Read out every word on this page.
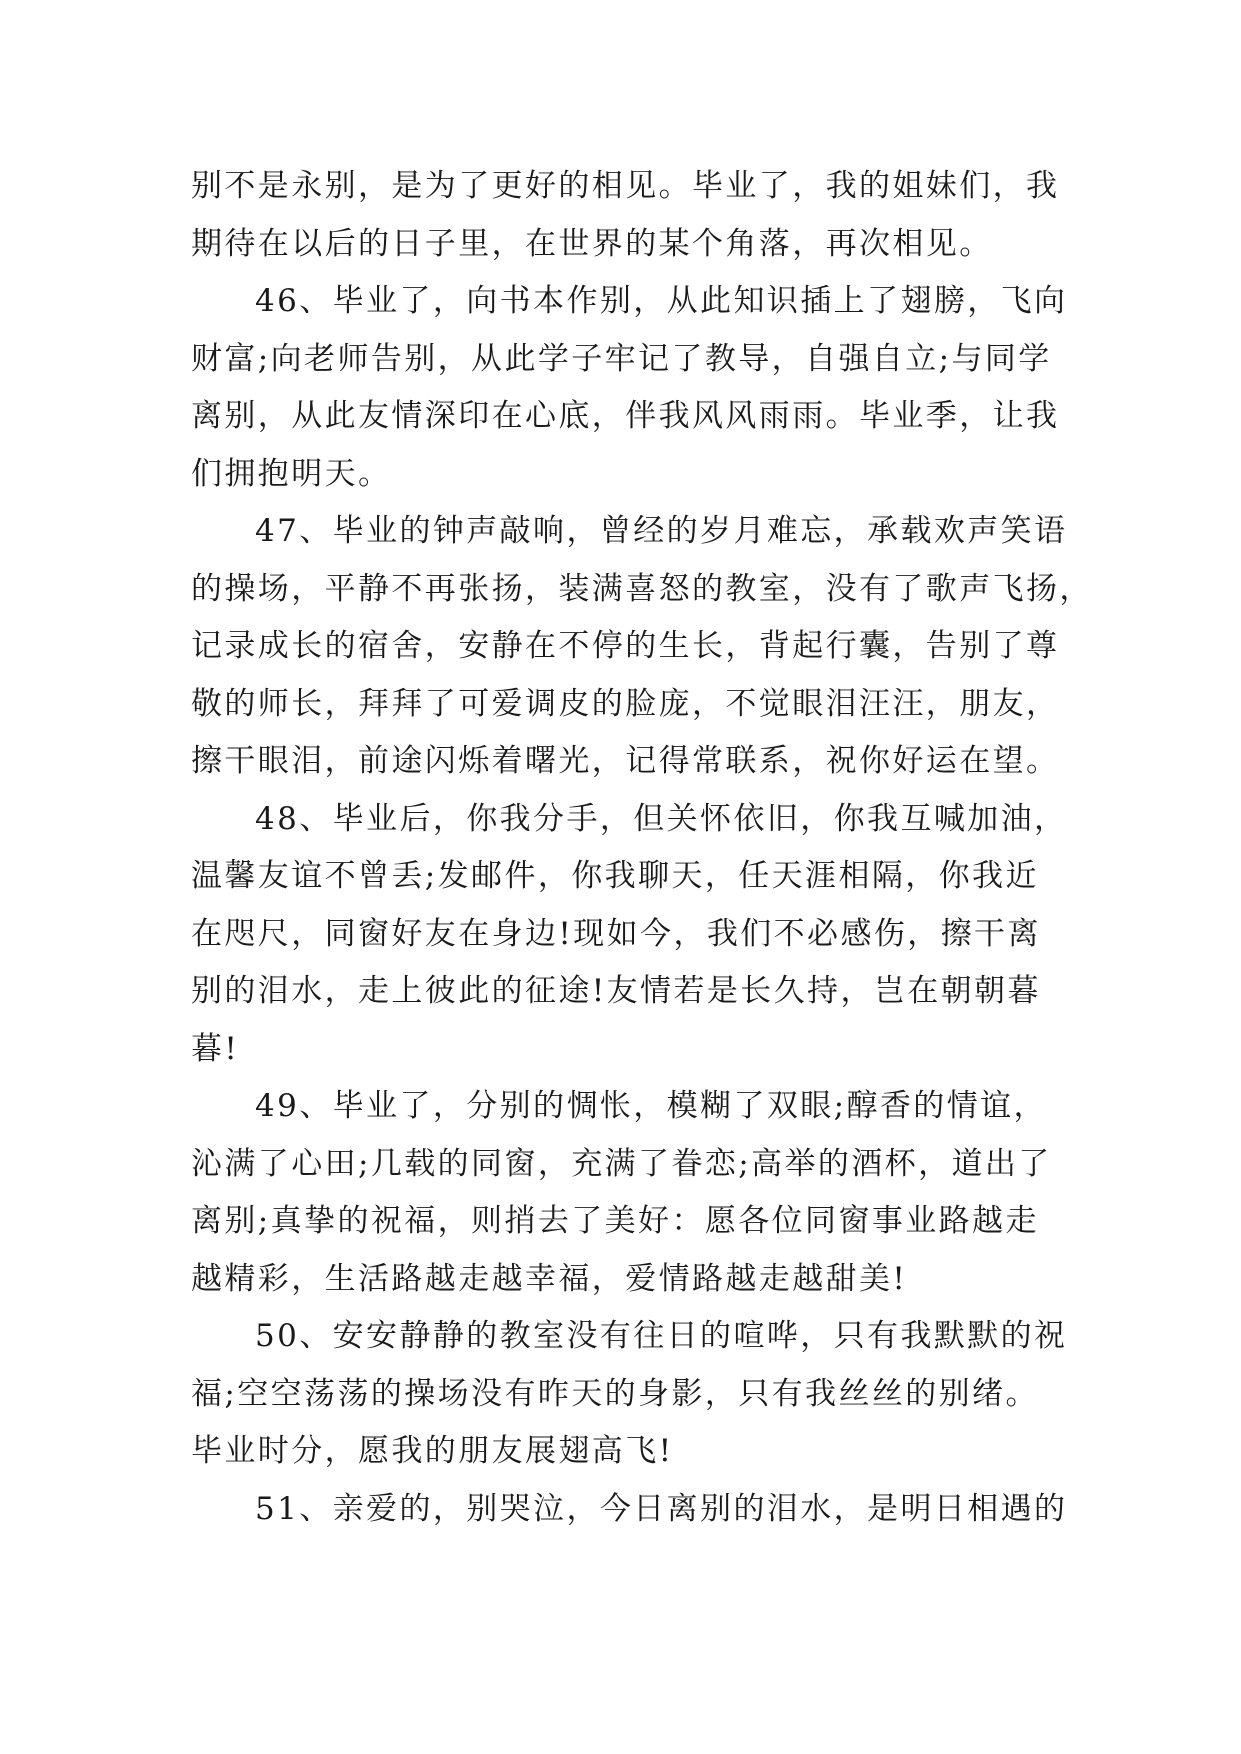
别不是永别，是为了更好的相见。毕业了，我的姐妹们，我
期待在以后的日子里，在世界的某个角落，再次相见。
46、毕业了，向书本作别，从此知识插上了翅膀，飞向
财富;向老师告别，从此学子牢记了教导，自强自立;与同学
离别，从此友情深印在心底，伴我风风雨雨。毕业季，让我
们拥抱明天。
47、毕业的钟声敲响，曾经的岁月难忘，承载欢声笑语
的操场，平静不再张扬，装满喜怒的教室，没有了歌声飞扬，
记录成长的宿舍，安静在不停的生长，背起行囊，告别了尊
敬的师长，拜拜了可爱调皮的脸庞，不觉眼泪汪汪，朋友，
擦干眼泪，前途闪烁着曙光，记得常联系，祝你好运在望。
48、毕业后，你我分手，但关怀依旧，你我互喊加油，
温馨友谊不曾丢;发邮件，你我聊天，任天涯相隔，你我近
在咫尺，同窗好友在身边!现如今，我们不必感伤，擦干离
别的泪水，走上彼此的征途!友情若是长久持，岂在朝朝暮
暮!
49、毕业了，分别的惆怅，模糊了双眼;醇香的情谊，
沁满了心田;几载的同窗，充满了眷恋;高举的酒杯，道出了
离别;真挚的祝福，则捎去了美好：愿各位同窗事业路越走
越精彩，生活路越走越幸福，爱情路越走越甜美!
50、安安静静的教室没有往日的喧哗，只有我默默的祝
福;空空荡荡的操场没有昨天的身影，只有我丝丝的别绪。
毕业时分，愿我的朋友展翅高飞!
51、亲爱的，别哭泣，今日离别的泪水，是明日相遇的
